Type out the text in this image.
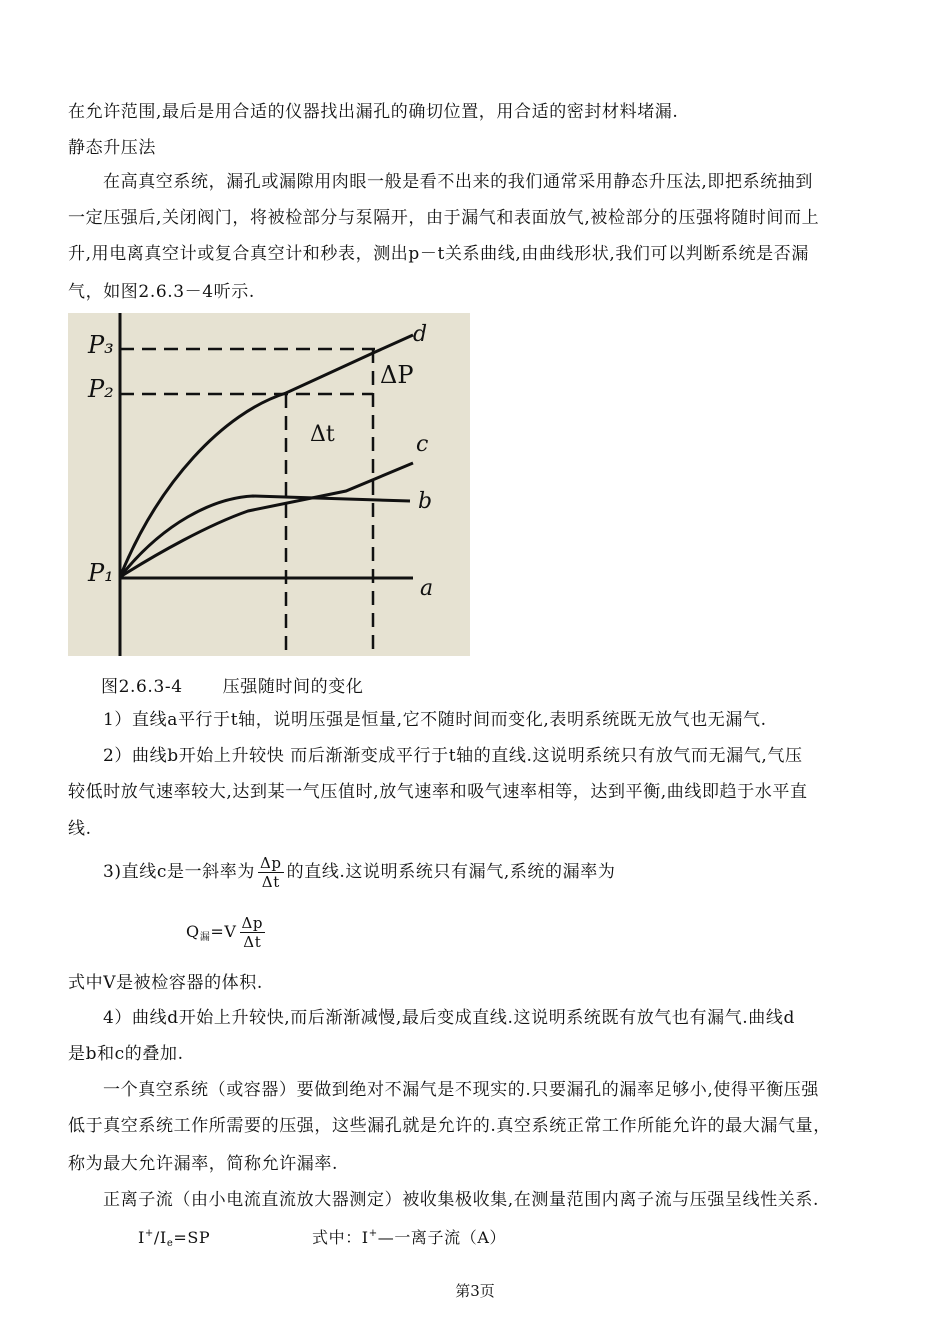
在允许范围,最后是用合适的仪器找出漏孔的确切位置，用合适的密封材料堵漏.
静态升压法
在高真空系统，漏孔或漏隙用肉眼一般是看不出来的我们通常采用静态升压法,即把系统抽到
一定压强后,关闭阀门，将被检部分与泵隔开，由于漏气和表面放气,被检部分的压强将随时间而上
升,用电离真空计或复合真空计和秒表，测出p－t关系曲线,由曲线形状,我们可以判断系统是否漏
气，如图2.6.3－4听示.
P₃
P₂
P₁
d
c
b
a
ΔP
Δt
图2.6.3-4 压强随时间的变化
1）直线a平行于t轴，说明压强是恒量,它不随时间而变化,表明系统既无放气也无漏气.
2）曲线b开始上升较快 而后渐渐变成平行于t轴的直线.这说明系统只有放气而无漏气,气压
较低时放气速率较大,达到某一气压值时,放气速率和吸气速率相等，达到平衡,曲线即趋于水平直
线.
3)直线c是一斜率为 $\frac{\Delta p}{\Delta t}$ 的直线.这说明系统只有漏气,系统的漏率为
$Q_漏=V \frac{\Delta p}{\Delta t}$
式中V是被检容器的体积.
4）曲线d开始上升较快,而后渐渐减慢,最后变成直线.这说明系统既有放气也有漏气.曲线d
是b和c的叠加.
一个真空系统（或容器）要做到绝对不漏气是不现实的.只要漏孔的漏率足够小,使得平衡压强
低于真空系统工作所需要的压强，这些漏孔就是允许的.真空系统正常工作所能允许的最大漏气量，
称为最大允许漏率，简称允许漏率.
正离子流（由小电流直流放大器测定）被收集极收集,在测量范围内离子流与压强呈线性关系.
$I^+/I_e=SP$	式中：I+—一离子流（A）
第3页
